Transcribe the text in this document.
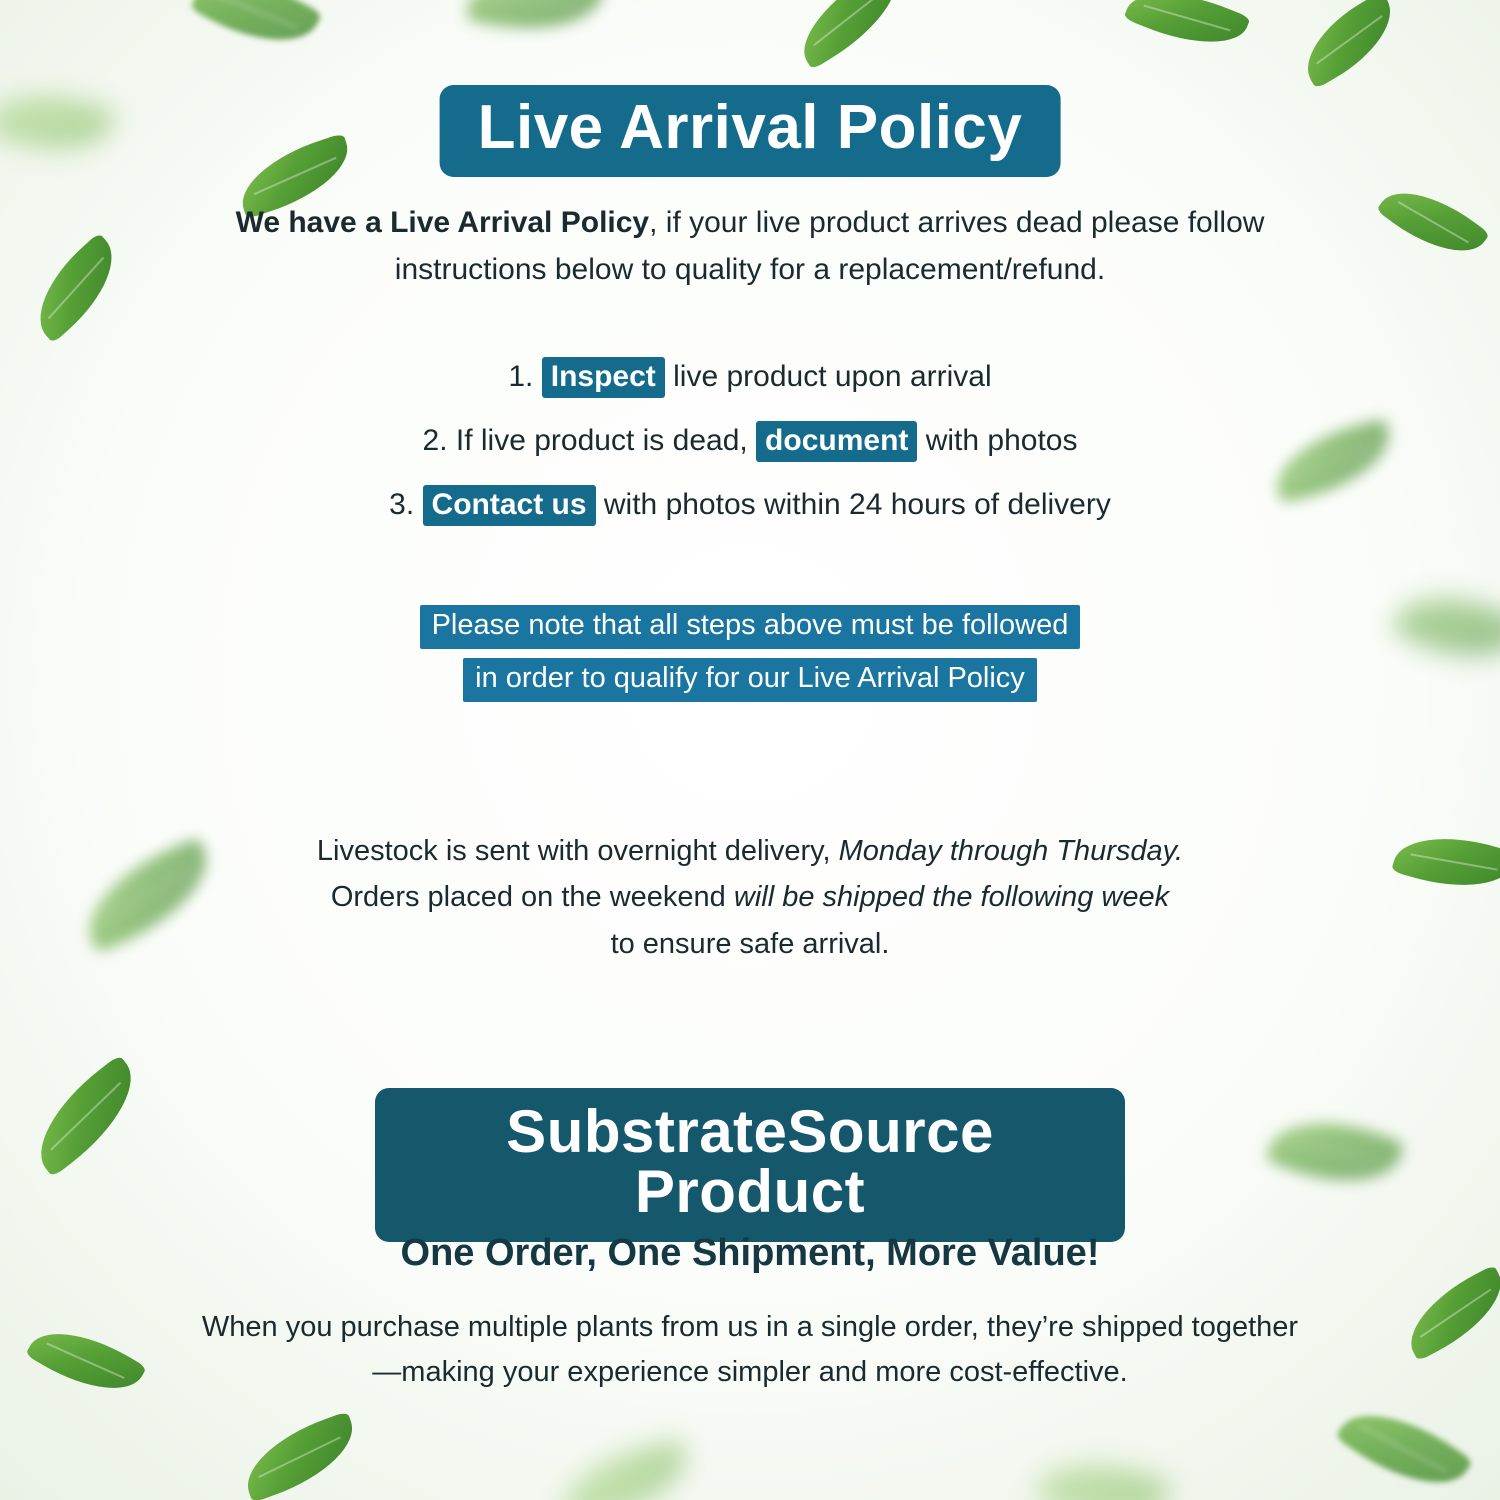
Live Arrival Policy
We have a Live Arrival Policy, if your live product arrives dead please follow instructions below to quality for a replacement/refund.
1. Inspect live product upon arrival
2. If live product is dead, document with photos
3. Contact us with photos within 24 hours of delivery
Please note that all steps above must be followed
in order to qualify for our Live Arrival Policy
Livestock is sent with overnight delivery, Monday through Thursday.
Orders placed on the weekend will be shipped the following week
to ensure safe arrival.
SubstrateSource Product
One Order, One Shipment, More Value!
When you purchase multiple plants from us in a single order, they’re shipped together—making your experience simpler and more cost-effective.
